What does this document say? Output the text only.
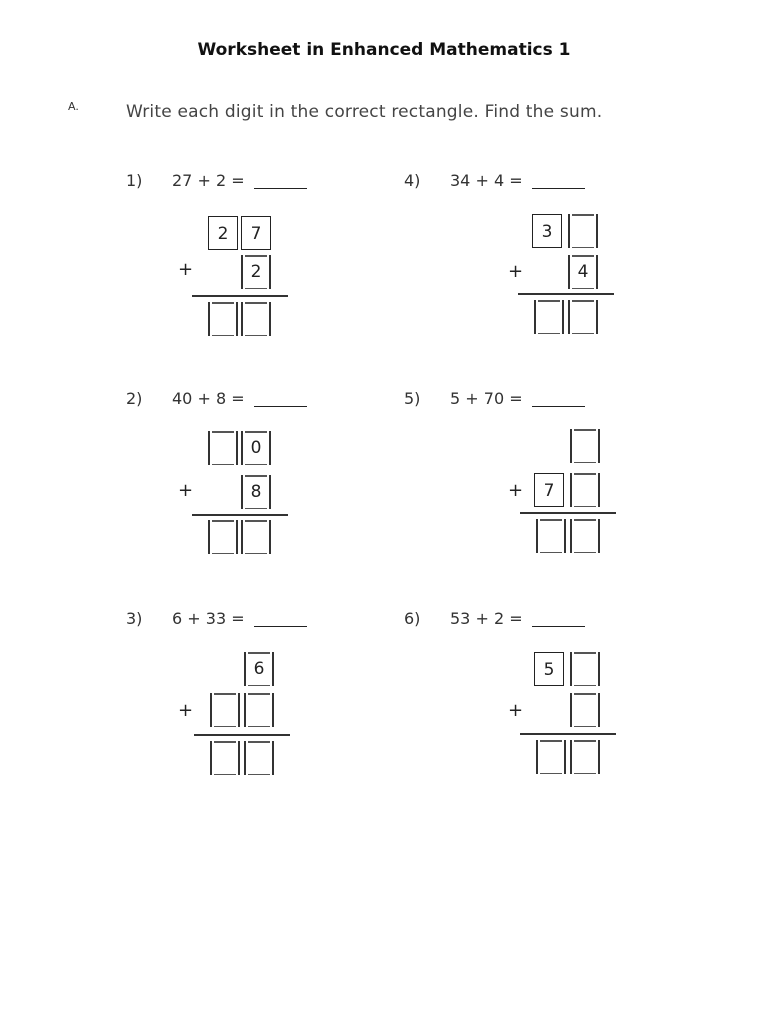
Worksheet in Enhanced Mathematics 1
A.	Write each digit in the correct rectangle. Find the sum.
1) 27 + 2 =
2	7
+	2
2) 40 + 8 =
0
+	8
3) 6 + 33 =
6
+
4) 34 + 4 =
3
+	4
5) 5 + 70 =
+	7
6) 53 + 2 =
5
+
